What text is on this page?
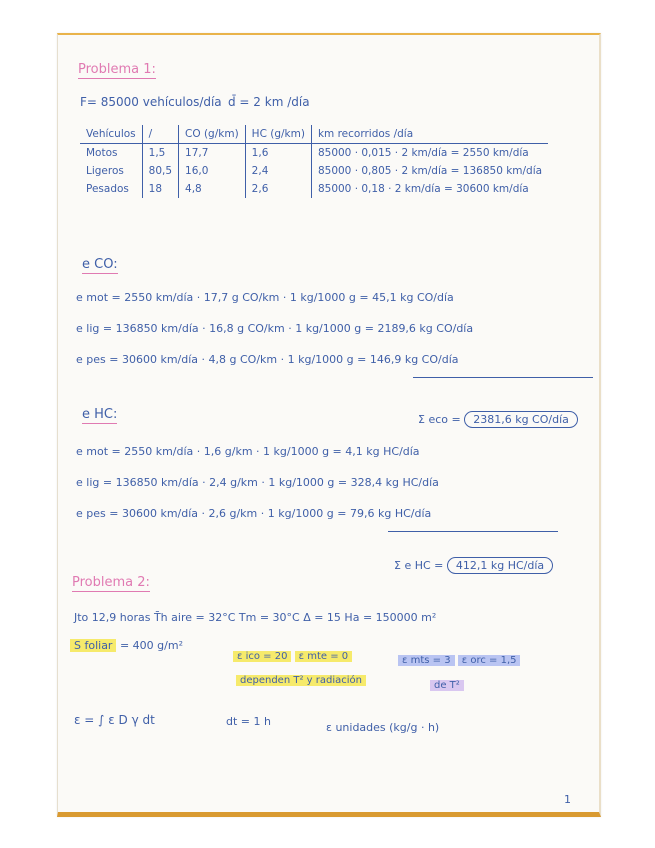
Problema 1:
F= 85000 vehículos/día d̄ = 2 km /día
Vehículos	/	CO (g/km)	HC (g/km)	km recorridos /día
Motos	1,5	17,7	1,6	85000 · 0,015 · 2 km/día = 2550 km/día
Ligeros	80,5	16,0	2,4	85000 · 0,805 · 2 km/día = 136850 km/día
Pesados	18	4,8	2,6	85000 · 0,18 · 2 km/día = 30600 km/día
e CO:
e mot = 2550 km/día · 17,7 g CO/km · 1 kg/1000 g = 45,1 kg CO/día
e lig = 136850 km/día · 16,8 g CO/km · 1 kg/1000 g = 2189,6 kg CO/día
e pes = 30600 km/día · 4,8 g CO/km · 1 kg/1000 g = 146,9 kg CO/día
Σ eco = 2381,6 kg CO/día
e HC:
e mot = 2550 km/día · 1,6 g/km · 1 kg/1000 g = 4,1 kg HC/día
e lig = 136850 km/día · 2,4 g/km · 1 kg/1000 g = 328,4 kg HC/día
e pes = 30600 km/día · 2,6 g/km · 1 kg/1000 g = 79,6 kg HC/día
Σ e HC = 412,1 kg HC/día
Problema 2:
Jto 12,9 horas T̄h aire = 32°C Tm = 30°C Δ = 15 Ha = 150000 m²
S foliar = 400 g/m²
ε ico = 20 ε mte = 0	ε mts = 3 ε orc = 1,5
dependen T² y radiación	de T²
ε = ∫ ε D γ dt	dt = 1 h	ε unidades (kg/g · h)
1
